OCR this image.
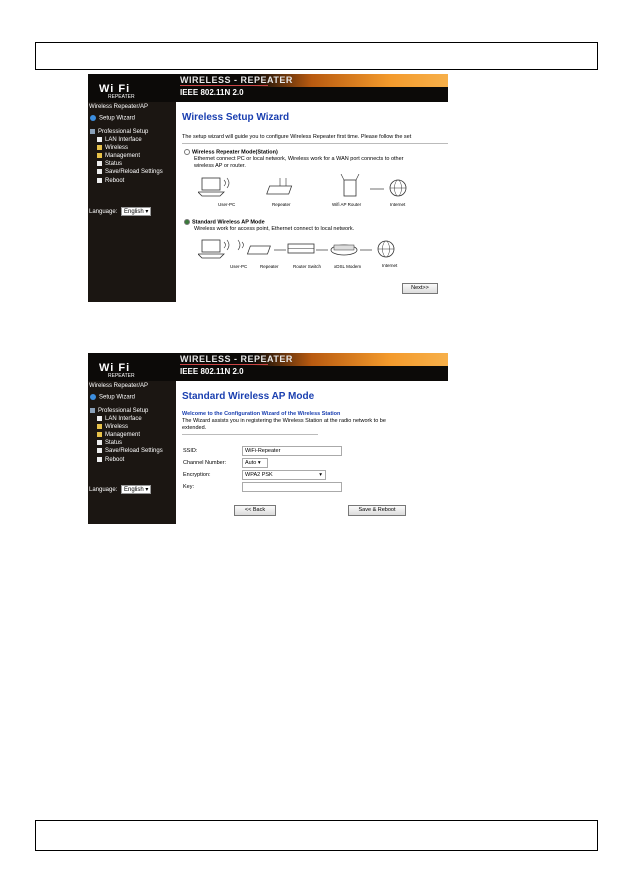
Wi Fi
REPEATER
WIRELESS - REPEATER
IEEE 802.11N 2.0
Wireless Repeater/AP
Setup Wizard
Professional Setup
LAN Interface
Wireless
Management
Status
Save/Reload Settings
Reboot
Language: English ▾
Wireless Setup Wizard
The setup wizard will guide you to configure Wireless Repeater first time. Please follow the set
Wireless Repeater Mode(Station)
Ethernet connect PC or local network, Wireless work for a WAN port connects to other
wireless AP or router.
User-PC	Repeater	Wifi AP Router	Internet
Standard Wireless AP Mode
Wireless work for access point, Ethernet connect to local network.
User-PC	Repeater	Router Switch	xDSL Modem	Internet
Next>>
Wi Fi
REPEATER
WIRELESS - REPEATER
IEEE 802.11N 2.0
Wireless Repeater/AP
Setup Wizard
Professional Setup
LAN Interface
Wireless
Management
Status
Save/Reload Settings
Reboot
Language: English ▾
Standard Wireless AP Mode
Welcome to the Configuration Wizard of the Wireless Station
The Wizard assists you in registering the Wireless Station at the radio network to be
extended.
SSID:	WiFi-Repeater
Channel Number:	Auto ▾
Encryption:	WPA2 PSK	▾
Key:
<< Back	Save & Reboot
